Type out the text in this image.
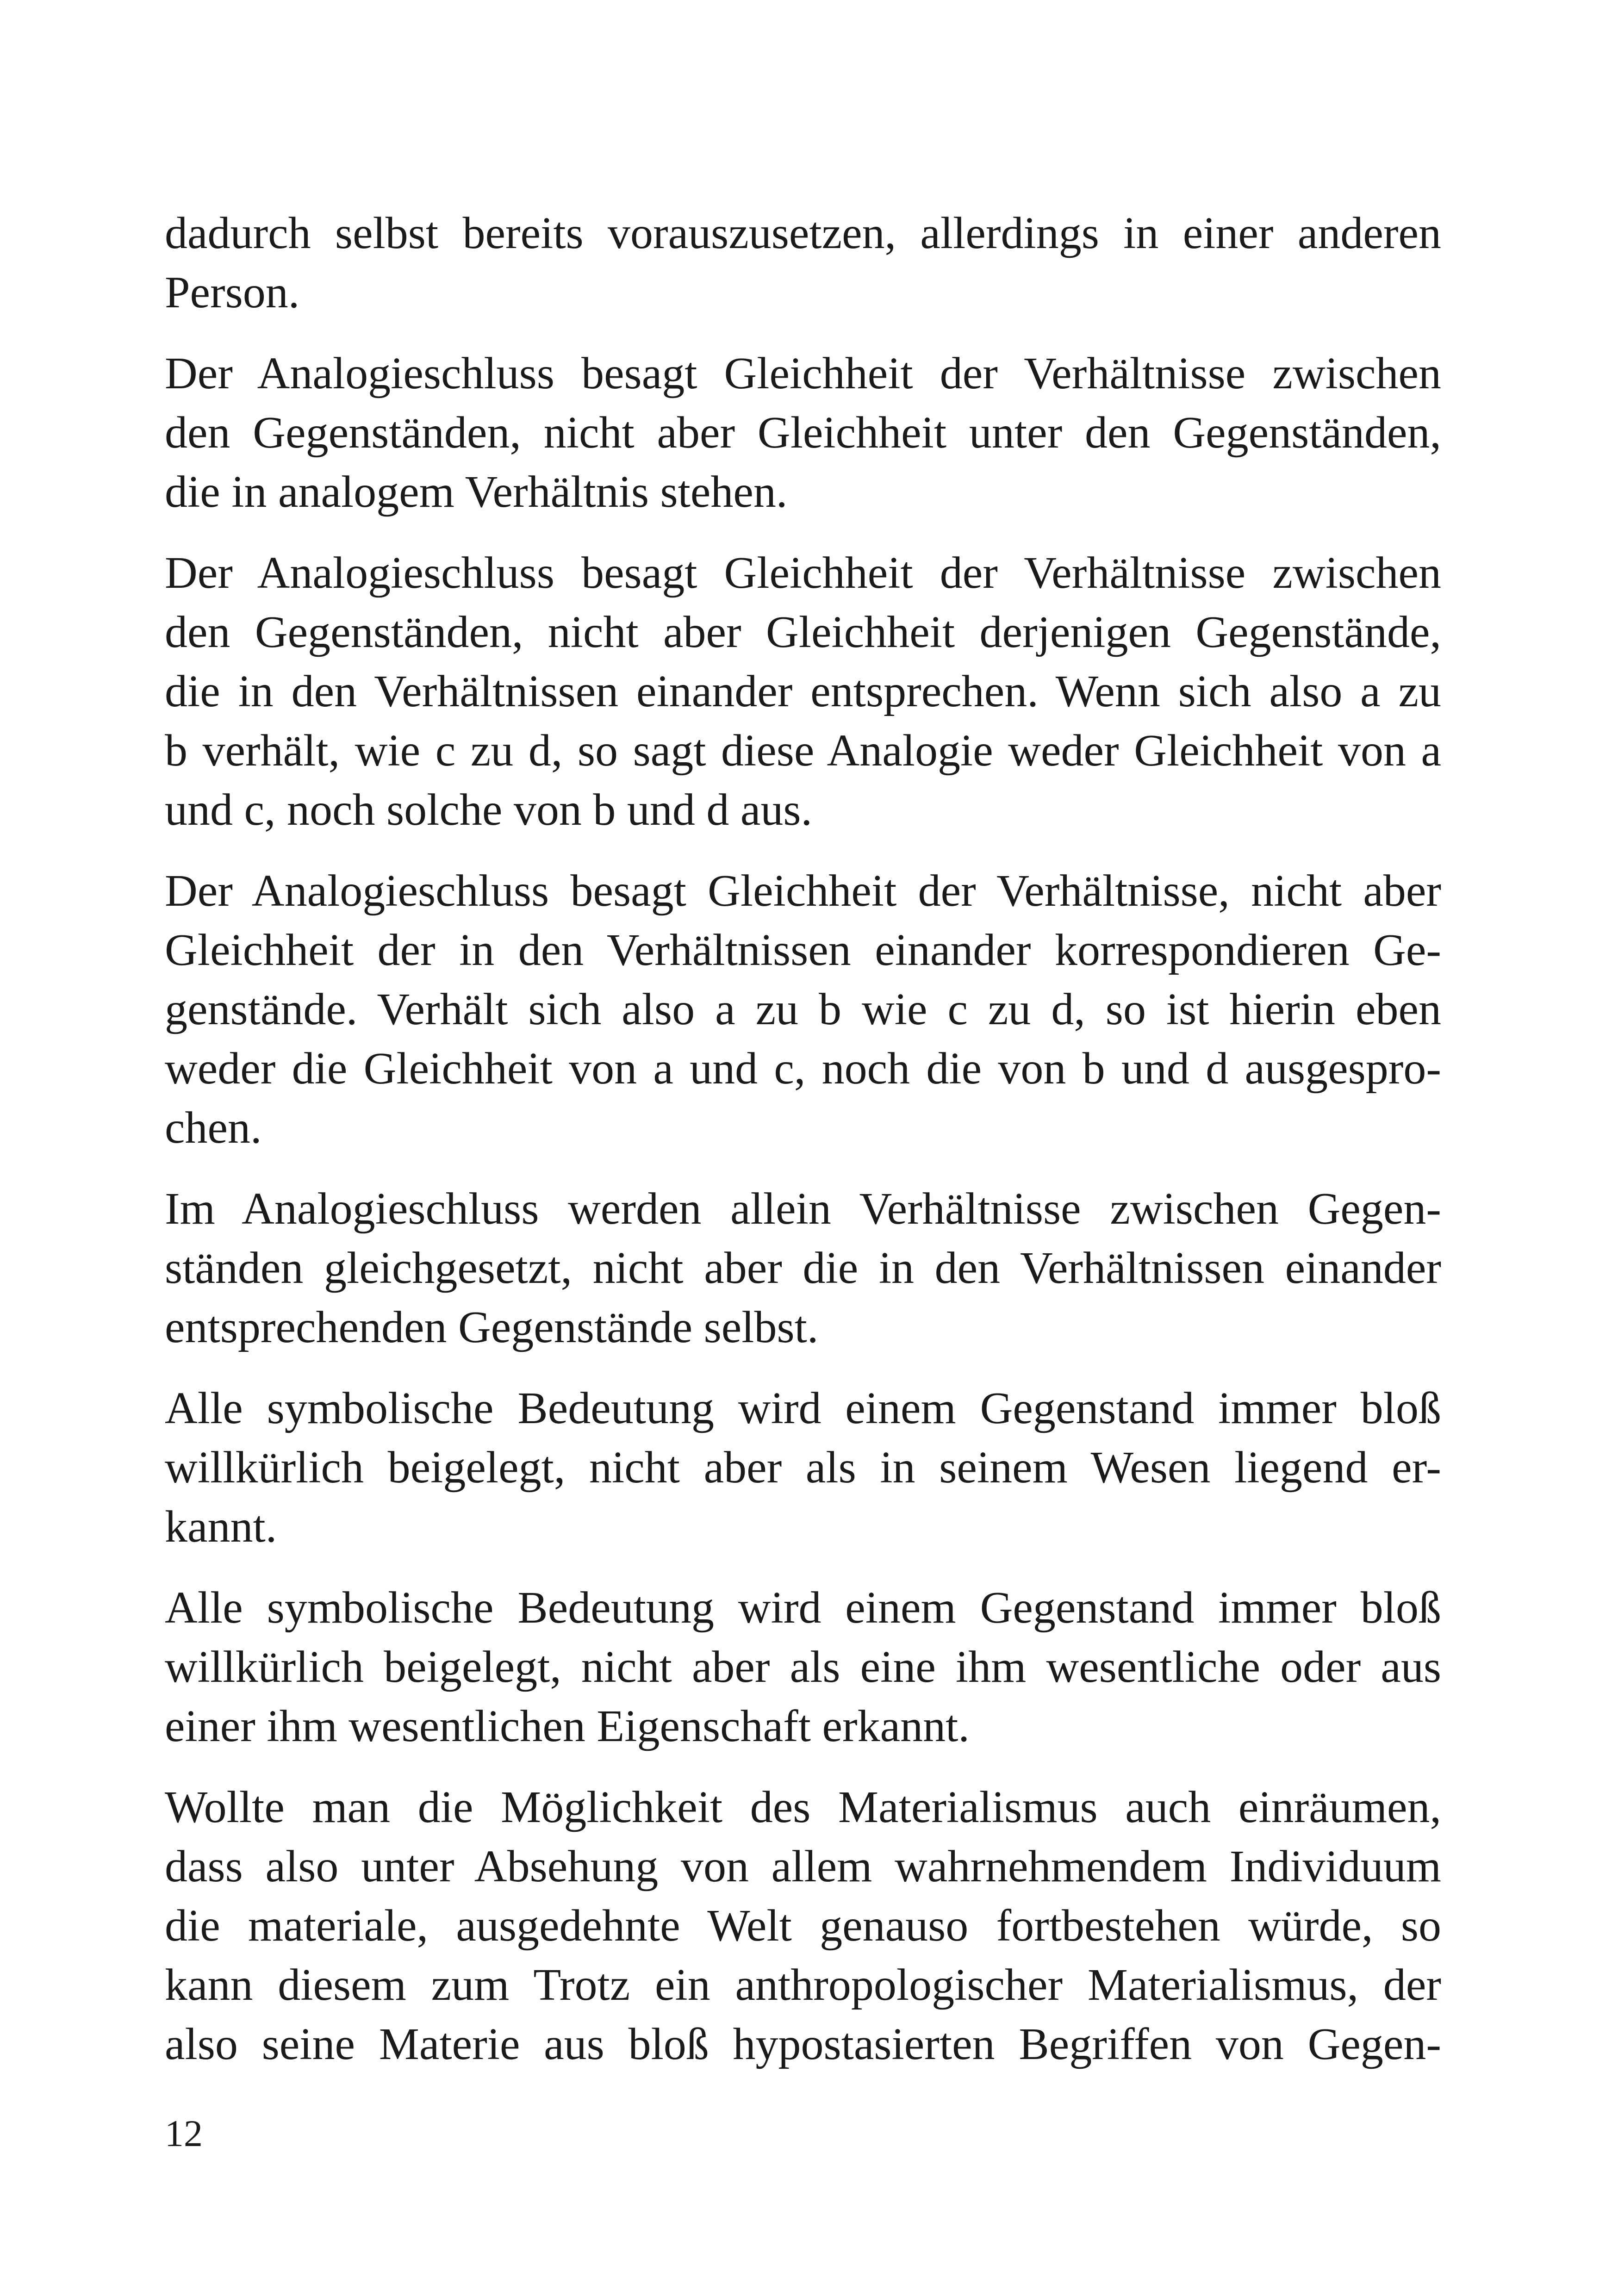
dadurch selbst bereits vorauszusetzen, allerdings in einer anderen
Person.

Der Analogieschluss besagt Gleichheit der Verhältnisse zwischen
den Gegenständen, nicht aber Gleichheit unter den Gegenständen,
die in analogem Verhältnis stehen.

Der Analogieschluss besagt Gleichheit der Verhältnisse zwischen
den Gegenständen, nicht aber Gleichheit derjenigen Gegenstände,
die in den Verhältnissen einander entsprechen. Wenn sich also a zu
b verhält, wie c zu d, so sagt diese Analogie weder Gleichheit von a
und c, noch solche von b und d aus.

Der Analogieschluss besagt Gleichheit der Verhältnisse, nicht aber
Gleichheit der in den Verhältnissen einander korrespondieren Ge-
genstände. Verhält sich also a zu b wie c zu d, so ist hierin eben
weder die Gleichheit von a und c, noch die von b und d ausgespro-
chen.

Im Analogieschluss werden allein Verhältnisse zwischen Gegen-
ständen gleichgesetzt, nicht aber die in den Verhältnissen einander
entsprechenden Gegenstände selbst.

Alle symbolische Bedeutung wird einem Gegenstand immer bloß
willkürlich beigelegt, nicht aber als in seinem Wesen liegend er-
kannt.

Alle symbolische Bedeutung wird einem Gegenstand immer bloß
willkürlich beigelegt, nicht aber als eine ihm wesentliche oder aus
einer ihm wesentlichen Eigenschaft erkannt.

Wollte man die Möglichkeit des Materialismus auch einräumen,
dass also unter Absehung von allem wahrnehmendem Individuum
die materiale, ausgedehnte Welt genauso fortbestehen würde, so
kann diesem zum Trotz ein anthropologischer Materialismus, der
also seine Materie aus bloß hypostasierten Begriffen von Gegen-

12
